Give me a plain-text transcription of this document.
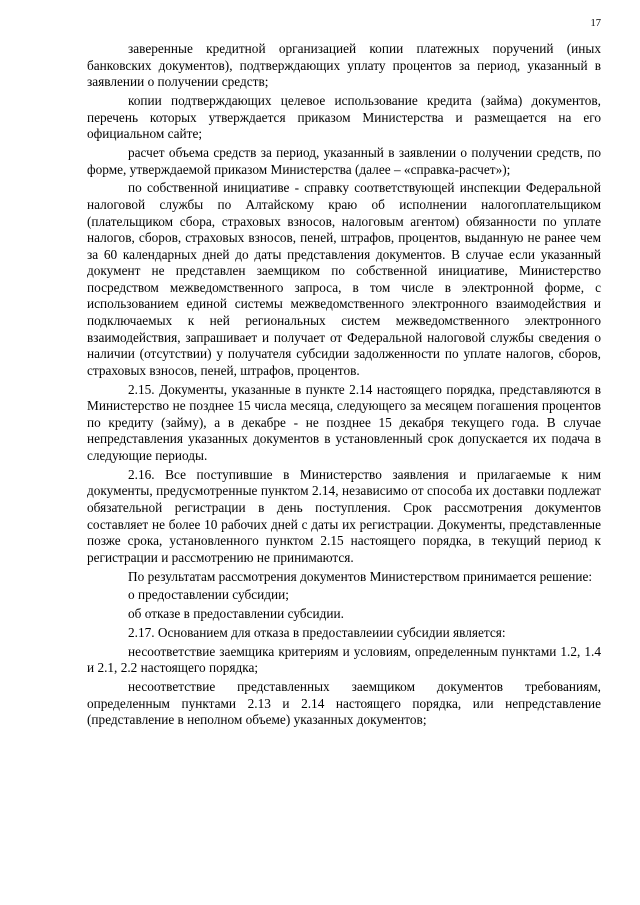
17

заверенные кредитной организацией копии платежных поручений (иных банковских документов), подтверждающих уплату процентов за период, указанный в заявлении о получении средств;

копии подтверждающих целевое использование кредита (займа) документов, перечень которых утверждается приказом Министерства и размещается на его официальном сайте;

расчет объема средств за период, указанный в заявлении о получении средств, по форме, утверждаемой приказом Министерства (далее – «справка-расчет»);

по собственной инициативе - справку соответствующей инспекции Федеральной налоговой службы по Алтайскому краю об исполнении налогоплательщиком (плательщиком сбора, страховых взносов, налоговым агентом) обязанности по уплате налогов, сборов, страховых взносов, пеней, штрафов, процентов, выданную не ранее чем за 60 календарных дней до даты представления документов. В случае если указанный документ не представлен заемщиком по собственной инициативе, Министерство посредством межведомственного запроса, в том числе в электронной форме, с использованием единой системы межведомственного электронного взаимодействия и подключаемых к ней региональных систем межведомственного электронного взаимодействия, запрашивает и получает от Федеральной налоговой службы сведения о наличии (отсутствии) у получателя субсидии задолженности по уплате налогов, сборов, страховых взносов, пеней, штрафов, процентов.

2.15. Документы, указанные в пункте 2.14 настоящего порядка, представляются в Министерство не позднее 15 числа месяца, следующего за месяцем погашения процентов по кредиту (займу), а в декабре - не позднее 15 декабря текущего года. В случае непредставления указанных документов в установленный срок допускается их подача в следующие периоды.

2.16. Все поступившие в Министерство заявления и прилагаемые к ним документы, предусмотренные пунктом 2.14, независимо от способа их доставки подлежат обязательной регистрации в день поступления. Срок рассмотрения документов составляет не более 10 рабочих дней с даты их регистрации. Документы, представленные позже срока, установленного пунктом 2.15 настоящего порядка, в текущий период к регистрации и рассмотрению не принимаются.

По результатам рассмотрения документов Министерством принимается решение:

о предоставлении субсидии;

об отказе в предоставлении субсидии.

2.17. Основанием для отказа в предоставлеиии субсидии является:

несоответствие заемщика критериям и условиям, определенным пунктами 1.2, 1.4 и 2.1, 2.2 настоящего порядка;

несоответствие представленных заемщиком документов требованиям, определенным пунктами 2.13 и 2.14 настоящего порядка, или непредставление (представление в неполном объеме) указанных документов;
